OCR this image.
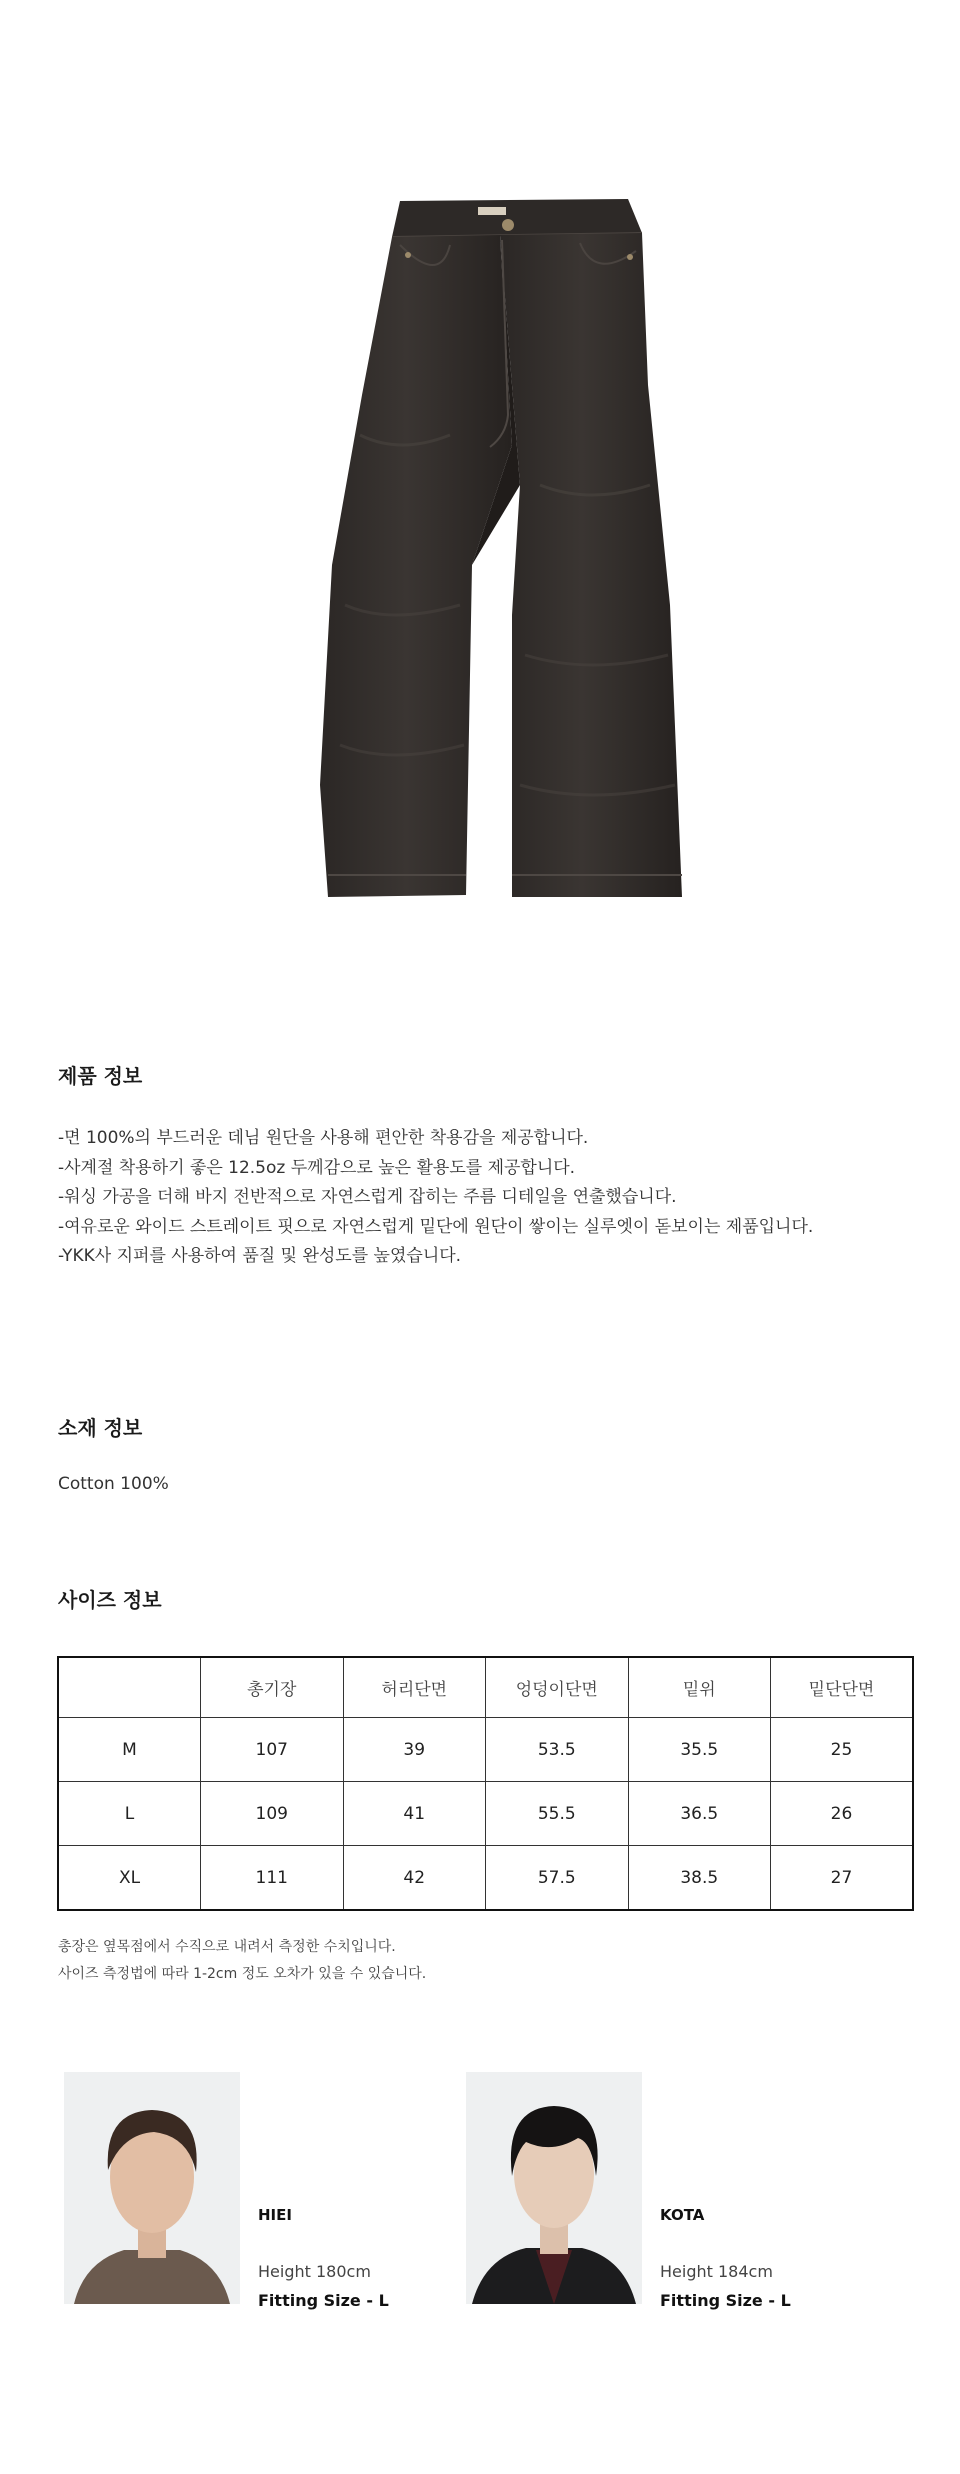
제품 정보
-면 100%의 부드러운 데님 원단을 사용해 편안한 착용감을 제공합니다.
-사계절 착용하기 좋은 12.5oz 두께감으로 높은 활용도를 제공합니다.
-워싱 가공을 더해 바지 전반적으로 자연스럽게 잡히는 주름 디테일을 연출했습니다.
-여유로운 와이드 스트레이트 핏으로 자연스럽게 밑단에 원단이 쌓이는 실루엣이 돋보이는 제품입니다.
-YKK사 지퍼를 사용하여 품질 및 완성도를 높였습니다.
소재 정보
Cotton 100%
사이즈 정보
	총기장	허리단면	엉덩이단면	밑위	밑단단면
M	107	39	53.5	35.5	25
L	109	41	55.5	36.5	26
XL	111	42	57.5	38.5	27
총장은 옆목점에서 수직으로 내려서 측정한 수치입니다.
사이즈 측정법에 따라 1-2cm 정도 오차가 있을 수 있습니다.
HIEI
Height 180cm
Fitting Size - L
KOTA
Height 184cm
Fitting Size - L
